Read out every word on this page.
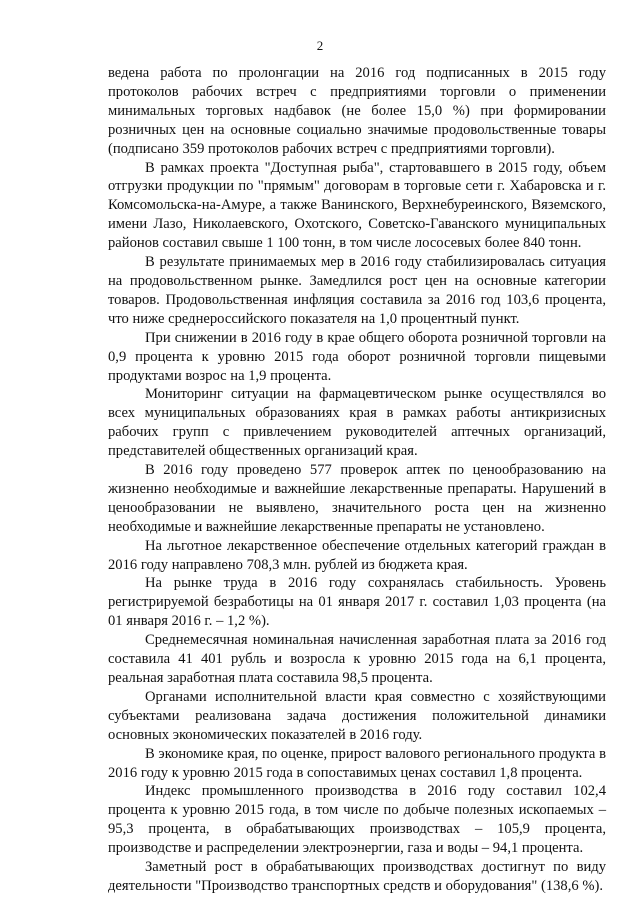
2

ведена работа по пролонгации на 2016 год подписанных в 2015 году протоколов рабочих встреч с предприятиями торговли о применении минимальных торговых надбавок (не более 15,0 %) при формировании розничных цен на основные социально значимые продовольственные товары (подписано 359 протоколов рабочих встреч с предприятиями торговли).

В рамках проекта "Доступная рыба", стартовавшего в 2015 году, объем отгрузки продукции по "прямым" договорам в торговые сети г. Хабаровска и г. Комсомольска-на-Амуре, а также Ванинского, Верхнебуреинского, Вяземского, имени Лазо, Николаевского, Охотского, Советско-Гаванского муниципальных районов составил свыше 1 100 тонн, в том числе лососевых более 840 тонн.

В результате принимаемых мер в 2016 году стабилизировалась ситуация на продовольственном рынке. Замедлился рост цен на основные категории товаров. Продовольственная инфляция составила за 2016 год 103,6 процента, что ниже среднероссийского показателя на 1,0 процентный пункт.

При снижении в 2016 году в крае общего оборота розничной торговли на 0,9 процента к уровню 2015 года оборот розничной торговли пищевыми продуктами возрос на 1,9 процента.

Мониторинг ситуации на фармацевтическом рынке осуществлялся во всех муниципальных образованиях края в рамках работы антикризисных рабочих групп с привлечением руководителей аптечных организаций, представителей общественных организаций края.

В 2016 году проведено 577 проверок аптек по ценообразованию на жизненно необходимые и важнейшие лекарственные препараты. Нарушений в ценообразовании не выявлено, значительного роста цен на жизненно необходимые и важнейшие лекарственные препараты не установлено.

На льготное лекарственное обеспечение отдельных категорий граждан в 2016 году направлено 708,3 млн. рублей из бюджета края.

На рынке труда в 2016 году сохранялась стабильность. Уровень регистрируемой безработицы на 01 января 2017 г. составил 1,03 процента (на 01 января 2016 г. – 1,2 %).

Среднемесячная номинальная начисленная заработная плата за 2016 год составила 41 401 рубль и возросла к уровню 2015 года на 6,1 процента, реальная заработная плата составила 98,5 процента.

Органами исполнительной власти края совместно с хозяйствующими субъектами реализована задача достижения положительной динамики основных экономических показателей в 2016 году.

В экономике края, по оценке, прирост валового регионального продукта в 2016 году к уровню 2015 года в сопоставимых ценах составил 1,8 процента.

Индекс промышленного производства в 2016 году составил 102,4 процента к уровню 2015 года, в том числе по добыче полезных ископаемых – 95,3 процента, в обрабатывающих производствах – 105,9 процента, производстве и распределении электроэнергии, газа и воды – 94,1 процента.

Заметный рост в обрабатывающих производствах достигнут по виду деятельности "Производство транспортных средств и оборудования" (138,6 %).
